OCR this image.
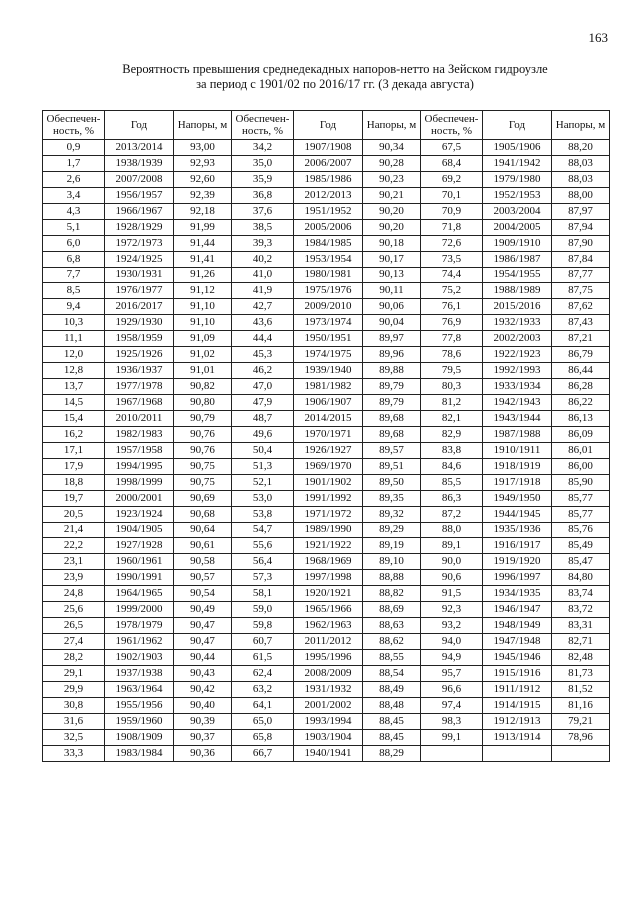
163
Вероятность превышения среднедекадных напоров-нетто на Зейском гидроузле
за период с 1901/02 по 2016/17 гг. (3 декада августа)
Обеспечен-ность, %	Год	Напоры, м	Обеспечен-ность, %	Год	Напоры, м	Обеспечен-ность, %	Год	Напоры, м
0,9	2013/2014	93,00	34,2	1907/1908	90,34	67,5	1905/1906	88,20
1,7	1938/1939	92,93	35,0	2006/2007	90,28	68,4	1941/1942	88,03
2,6	2007/2008	92,60	35,9	1985/1986	90,23	69,2	1979/1980	88,03
3,4	1956/1957	92,39	36,8	2012/2013	90,21	70,1	1952/1953	88,00
4,3	1966/1967	92,18	37,6	1951/1952	90,20	70,9	2003/2004	87,97
5,1	1928/1929	91,99	38,5	2005/2006	90,20	71,8	2004/2005	87,94
6,0	1972/1973	91,44	39,3	1984/1985	90,18	72,6	1909/1910	87,90
6,8	1924/1925	91,41	40,2	1953/1954	90,17	73,5	1986/1987	87,84
7,7	1930/1931	91,26	41,0	1980/1981	90,13	74,4	1954/1955	87,77
8,5	1976/1977	91,12	41,9	1975/1976	90,11	75,2	1988/1989	87,75
9,4	2016/2017	91,10	42,7	2009/2010	90,06	76,1	2015/2016	87,62
10,3	1929/1930	91,10	43,6	1973/1974	90,04	76,9	1932/1933	87,43
11,1	1958/1959	91,09	44,4	1950/1951	89,97	77,8	2002/2003	87,21
12,0	1925/1926	91,02	45,3	1974/1975	89,96	78,6	1922/1923	86,79
12,8	1936/1937	91,01	46,2	1939/1940	89,88	79,5	1992/1993	86,44
13,7	1977/1978	90,82	47,0	1981/1982	89,79	80,3	1933/1934	86,28
14,5	1967/1968	90,80	47,9	1906/1907	89,79	81,2	1942/1943	86,22
15,4	2010/2011	90,79	48,7	2014/2015	89,68	82,1	1943/1944	86,13
16,2	1982/1983	90,76	49,6	1970/1971	89,68	82,9	1987/1988	86,09
17,1	1957/1958	90,76	50,4	1926/1927	89,57	83,8	1910/1911	86,01
17,9	1994/1995	90,75	51,3	1969/1970	89,51	84,6	1918/1919	86,00
18,8	1998/1999	90,75	52,1	1901/1902	89,50	85,5	1917/1918	85,90
19,7	2000/2001	90,69	53,0	1991/1992	89,35	86,3	1949/1950	85,77
20,5	1923/1924	90,68	53,8	1971/1972	89,32	87,2	1944/1945	85,77
21,4	1904/1905	90,64	54,7	1989/1990	89,29	88,0	1935/1936	85,76
22,2	1927/1928	90,61	55,6	1921/1922	89,19	89,1	1916/1917	85,49
23,1	1960/1961	90,58	56,4	1968/1969	89,10	90,0	1919/1920	85,47
23,9	1990/1991	90,57	57,3	1997/1998	88,88	90,6	1996/1997	84,80
24,8	1964/1965	90,54	58,1	1920/1921	88,82	91,5	1934/1935	83,74
25,6	1999/2000	90,49	59,0	1965/1966	88,69	92,3	1946/1947	83,72
26,5	1978/1979	90,47	59,8	1962/1963	88,63	93,2	1948/1949	83,31
27,4	1961/1962	90,47	60,7	2011/2012	88,62	94,0	1947/1948	82,71
28,2	1902/1903	90,44	61,5	1995/1996	88,55	94,9	1945/1946	82,48
29,1	1937/1938	90,43	62,4	2008/2009	88,54	95,7	1915/1916	81,73
29,9	1963/1964	90,42	63,2	1931/1932	88,49	96,6	1911/1912	81,52
30,8	1955/1956	90,40	64,1	2001/2002	88,48	97,4	1914/1915	81,16
31,6	1959/1960	90,39	65,0	1993/1994	88,45	98,3	1912/1913	79,21
32,5	1908/1909	90,37	65,8	1903/1904	88,45	99,1	1913/1914	78,96
33,3	1983/1984	90,36	66,7	1940/1941	88,29			
